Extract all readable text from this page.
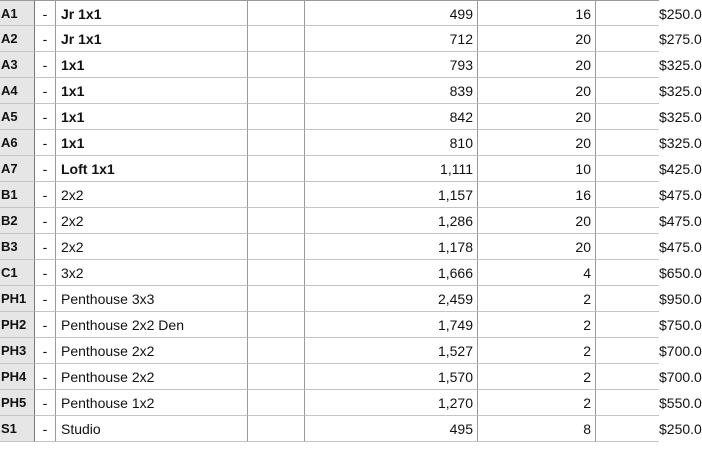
A1	- Jr 1x1	499	16	$250.0
A2	- Jr 1x1	712	20	$275.0
A3	- 1x1	793	20	$325.0
A4	- 1x1	839	20	$325.0
A5	- 1x1	842	20	$325.0
A6	- 1x1	810	20	$325.0
A7	- Loft 1x1	1,111	10	$425.0
B1	- 2x2	1,157	16	$475.0
B2	- 2x2	1,286	20	$475.0
B3	- 2x2	1,178	20	$475.0
C1	- 3x2	1,666	4	$650.0
PH1	- Penthouse 3x3	2,459	2	$950.0
PH2	- Penthouse 2x2 Den	1,749	2	$750.0
PH3	- Penthouse 2x2	1,527	2	$700.0
PH4	- Penthouse 2x2	1,570	2	$700.0
PH5	- Penthouse 1x2	1,270	2	$550.0
S1	- Studio	495	8	$250.0
